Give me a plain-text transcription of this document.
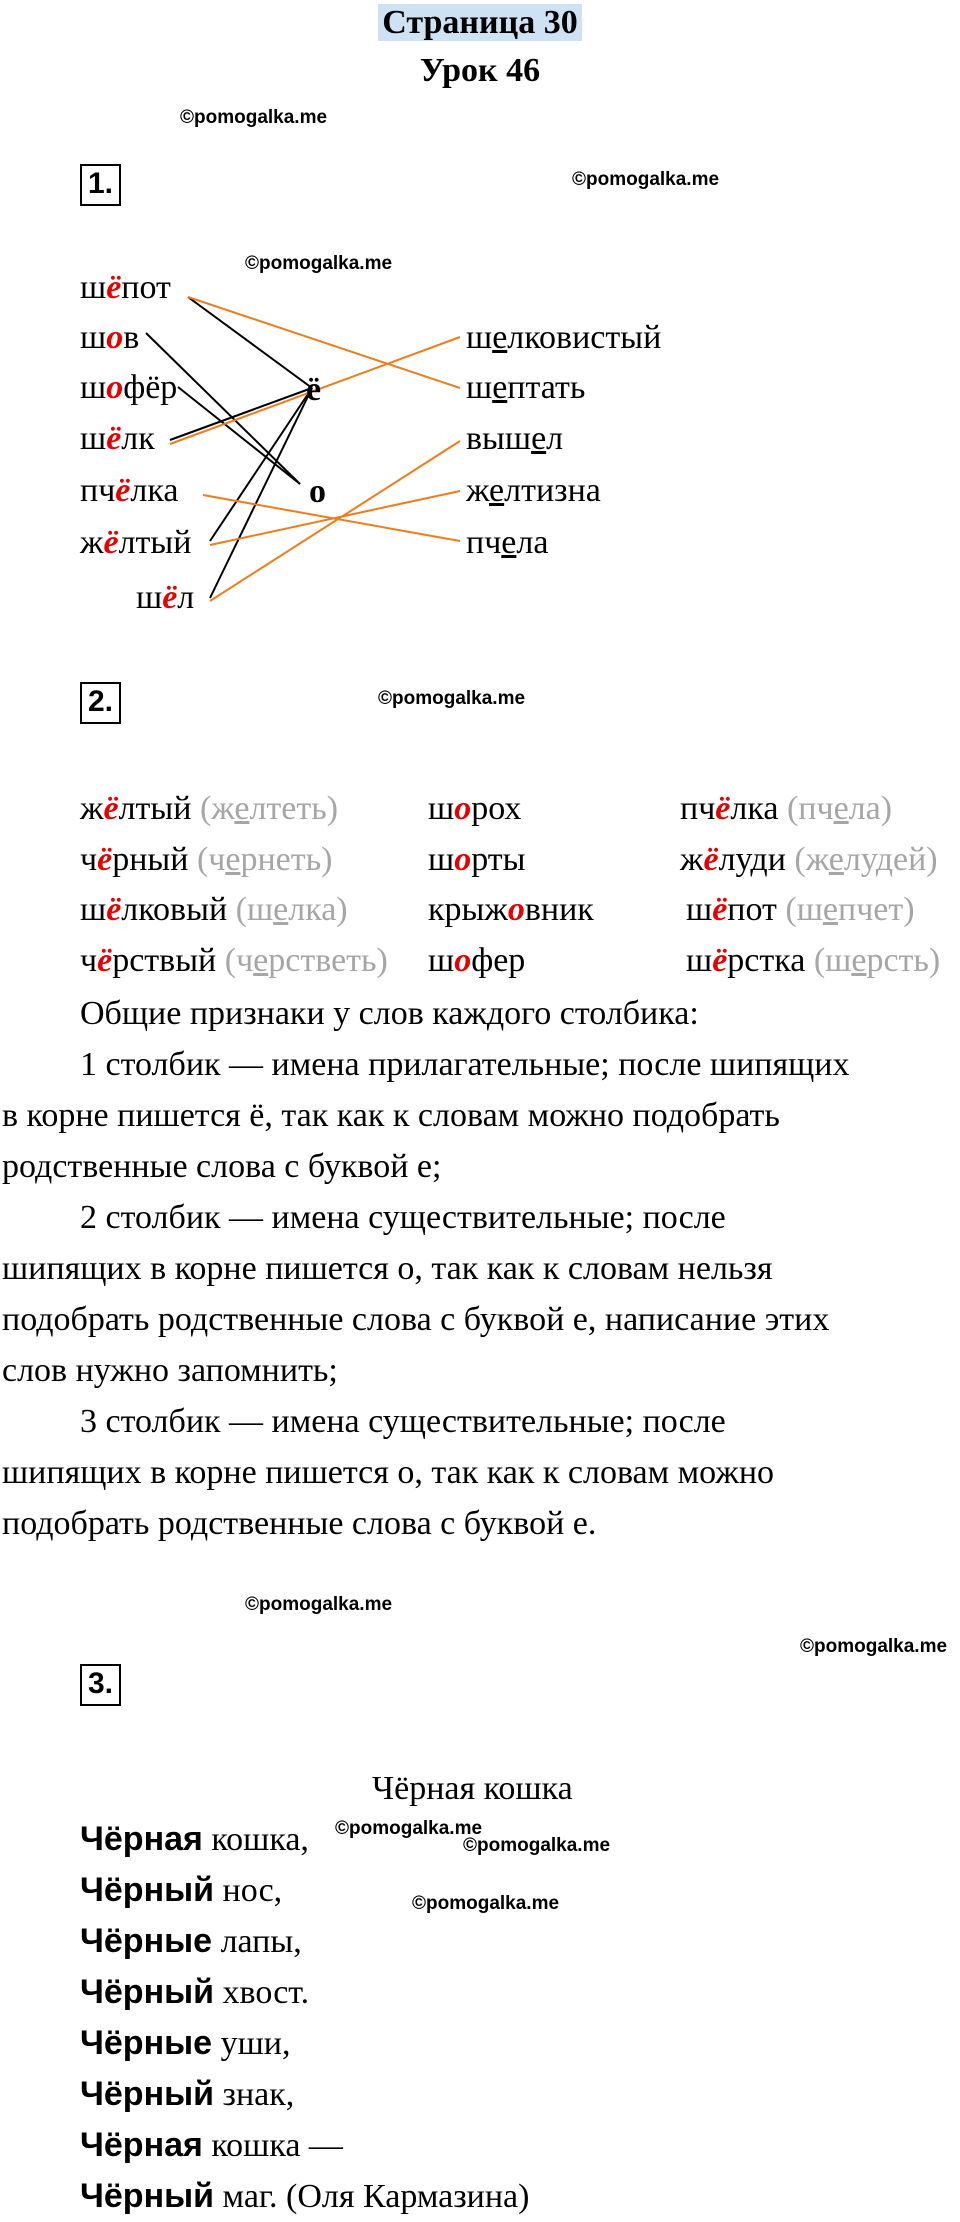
Страница 30
Урок 46
©pomogalka.me
©pomogalka.me
©pomogalka.me
©pomogalka.me
©pomogalka.me
©pomogalka.me
©pomogalka.me
©pomogalka.me
©pomogalka.me
1.
шёпот
шов
шофёр
шёлк
пчёлка
жёлтый
шёл
ё
о
шелковистый
шептать
вышел
желтизна
пчела
2.
жёлтый (желтеть)
чёрный (чернеть)
шёлковый (шелка)
чёрствый (черстветь)
шорох
шорты
крыжовник
шофер
пчёлка (пчела)
жёлуди (желудей)
шёпот (шепчет)
шёрстка (шерсть)
Общие признаки у слов каждого столбика:
1 столбик — имена прилагательные; после шипящих
в корне пишется ё, так как к словам можно подобрать
родственные слова с буквой е;
2 столбик — имена существительные; после
шипящих в корне пишется о, так как к словам нельзя
подобрать родственные слова с буквой е, написание этих
слов нужно запомнить;
3 столбик — имена существительные; после
шипящих в корне пишется о, так как к словам можно
подобрать родственные слова с буквой е.
3.
Чёрная кошка
Чёрная кошка,
Чёрный нос,
Чёрные лапы,
Чёрный хвост.
Чёрные уши,
Чёрный знак,
Чёрная кошка —
Чёрный маг. (Оля Кармазина)
